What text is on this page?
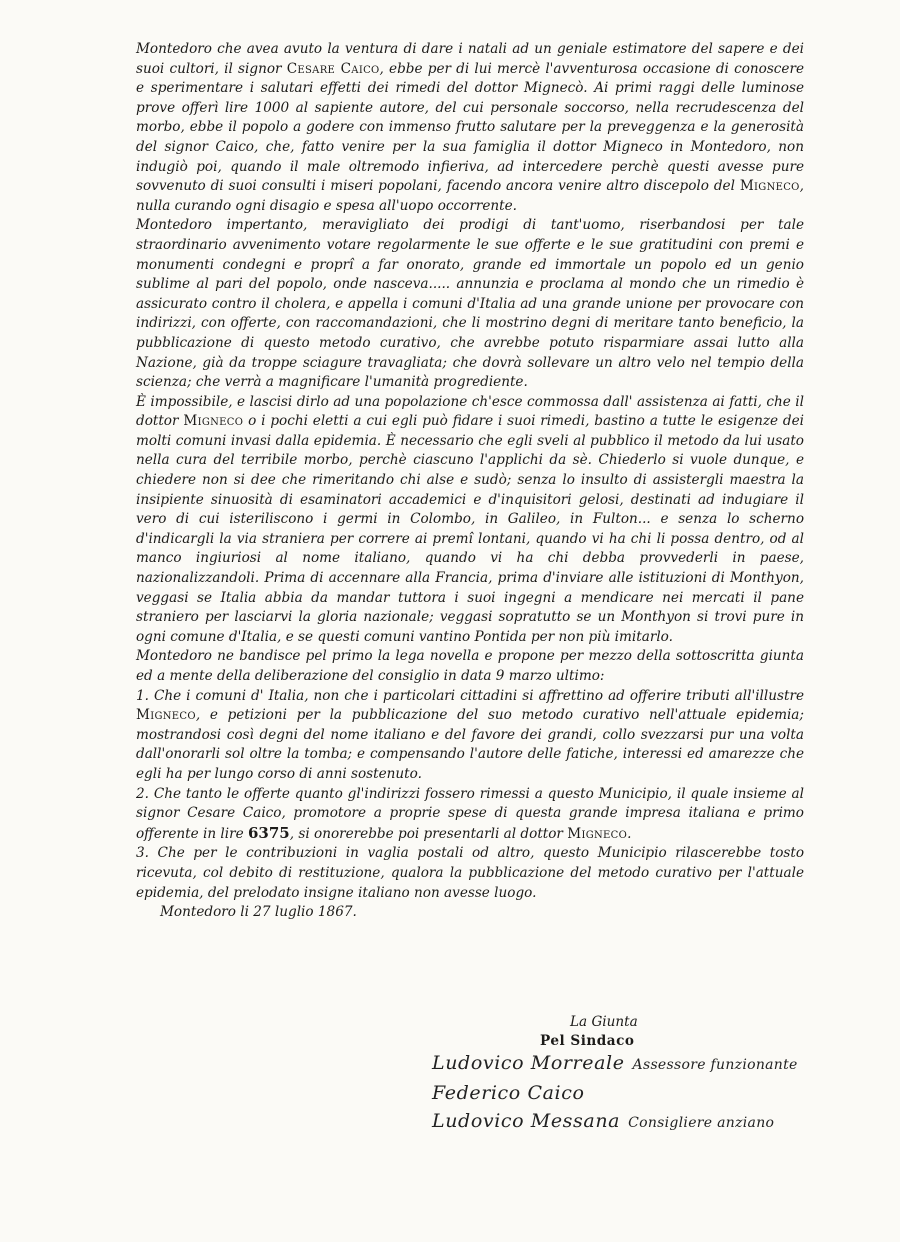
Montedoro che avea avuto la ventura di dare i natali ad un geniale estimatore del sapere e dei suoi cultori, il signor Cesare Caico, ebbe per di lui mercè l'avventurosa occasione di conoscere e sperimentare i salutari effetti dei rimedi del dottor Mignecò. Ai primi raggi delle luminose prove offerì lire 1000 al sapiente autore, del cui personale soccorso, nella recrudescenza del morbo, ebbe il popolo a godere con immenso frutto salutare per la preveggenza e la generosità del signor Caico, che, fatto venire per la sua famiglia il dottor Migneco in Montedoro, non indugiò poi, quando il male oltremodo infieriva, ad intercedere perchè questi avesse pure sovvenuto di suoi consulti i miseri popolani, facendo ancora venire altro discepolo del Migneco, nulla curando ogni disagio e spesa all'uopo occorrente.

Montedoro impertanto, meravigliato dei prodigi di tant'uomo, riserbandosi per tale straordinario avvenimento votare regolarmente le sue offerte e le sue gratitudini con premi e monumenti condegni e proprî a far onorato, grande ed immortale un popolo ed un genio sublime al pari del popolo, onde nasceva..... annunzia e proclama al mondo che un rimedio è assicurato contro il cholera, e appella i comuni d'Italia ad una grande unione per provocare con indirizzi, con offerte, con raccomandazioni, che li mostrino degni di meritare tanto beneficio, la pubblicazione di questo metodo curativo, che avrebbe potuto risparmiare assai lutto alla Nazione, già da troppe sciagure travagliata; che dovrà sollevare un altro velo nel tempio della scienza; che verrà a magnificare l'umanità progrediente.

È impossibile, e lascisi dirlo ad una popolazione ch'esce commossa dall' assistenza ai fatti, che il dottor Migneco o i pochi eletti a cui egli può fidare i suoi rimedi, bastino a tutte le esigenze dei molti comuni invasi dalla epidemia. È necessario che egli sveli al pubblico il metodo da lui usato nella cura del terribile morbo, perchè ciascuno l'applichi da sè. Chiederlo si vuole dunque, e chiedere non si dee che rimeritando chi alse e sudò; senza lo insulto di assistergli maestra la insipiente sinuosità di esaminatori accademici e d'inquisitori gelosi, destinati ad indugiare il vero di cui isteriliscono i germi in Colombo, in Galileo, in Fulton... e senza lo scherno d'indicargli la via straniera per correre ai premî lontani, quando vi ha chi li possa dentro, od al manco ingiuriosi al nome italiano, quando vi ha chi debba provvederli in paese, nazionalizzandoli. Prima di accennare alla Francia, prima d'inviare alle istituzioni di Monthyon, veggasi se Italia abbia da mandar tuttora i suoi ingegni a mendicare nei mercati il pane straniero per lasciarvi la gloria nazionale; veggasi sopratutto se un Monthyon si trovi pure in ogni comune d'Italia, e se questi comuni vantino Pontida per non più imitarlo.

Montedoro ne bandisce pel primo la lega novella e propone per mezzo della sottoscritta giunta ed a mente della deliberazione del consiglio in data 9 marzo ultimo:

1. Che i comuni d' Italia, non che i particolari cittadini si affrettino ad offerire tributi all'illustre Migneco, e petizioni per la pubblicazione del suo metodo curativo nell'attuale epidemia; mostrandosi così degni del nome italiano e del favore dei grandi, collo svezzarsi pur una volta dall'onorarli sol oltre la tomba; e compensando l'autore delle fatiche, interessi ed amarezze che egli ha per lungo corso di anni sostenuto.

2. Che tanto le offerte quanto gl'indirizzi fossero rimessi a questo Municipio, il quale insieme al signor Cesare Caico, promotore a proprie spese di questa grande impresa italiana e primo offerente in lire 6375, si onorerebbe poi presentarli al dottor Migneco.

3. Che per le contribuzioni in vaglia postali od altro, questo Municipio rilascerebbe tosto ricevuta, col debito di restituzione, qualora la pubblicazione del metodo curativo per l'attuale epidemia, del prelodato insigne italiano non avesse luogo.

Montedoro li 27 luglio 1867.

La Giunta
Pel Sindaco
Ludovico Morreale Assessore funzionante
Federico Caico
Ludovico Messana Consigliere anziano
